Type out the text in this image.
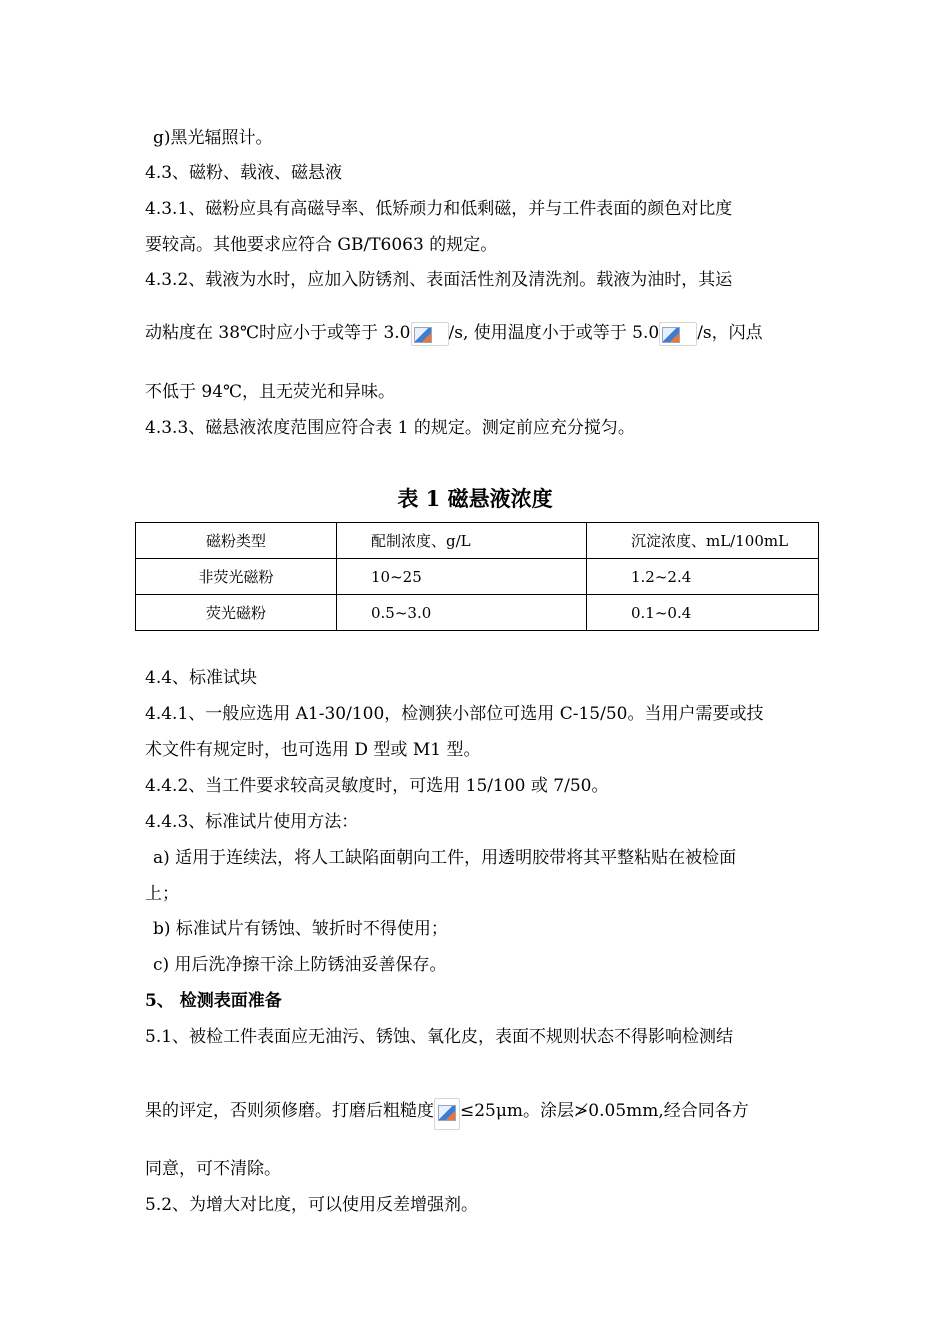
g)黑光辐照计。
4.3、磁粉、载液、磁悬液
4.3.1、磁粉应具有高磁导率、低矫顽力和低剩磁，并与工件表面的颜色对比度
要较高。其他要求应符合 GB/T6063 的规定。
4.3.2、载液为水时，应加入防锈剂、表面活性剂及清洗剂。载液为油时，其运
动粘度在 38℃时应小于或等于 3.0 /s, 使用温度小于或等于 5.0 /s，闪点
不低于 94℃，且无荧光和异味。
4.3.3、磁悬液浓度范围应符合表 1 的规定。测定前应充分搅匀。
表 1 磁悬液浓度
磁粉类型	配制浓度、g/L	沉淀浓度、mL/100mL
非荧光磁粉	10~25	1.2~2.4
荧光磁粉	0.5~3.0	0.1~0.4
4.4、标准试块
4.4.1、一般应选用 A1-30/100，检测狭小部位可选用 C-15/50。当用户需要或技
术文件有规定时，也可选用 D 型或 M1 型。
4.4.2、当工件要求较高灵敏度时，可选用 15/100 或 7/50。
4.4.3、标准试片使用方法：
a) 适用于连续法，将人工缺陷面朝向工件，用透明胶带将其平整粘贴在被检面
上；
b) 标准试片有锈蚀、皱折时不得使用；
c) 用后洗净擦干涂上防锈油妥善保存。
5、 检测表面准备
5.1、被检工件表面应无油污、锈蚀、氧化皮，表面不规则状态不得影响检测结
果的评定，否则须修磨。打磨后粗糙度 ≤25μm。涂层≯0.05mm,经合同各方
同意，可不清除。
5.2、为增大对比度，可以使用反差增强剂。
